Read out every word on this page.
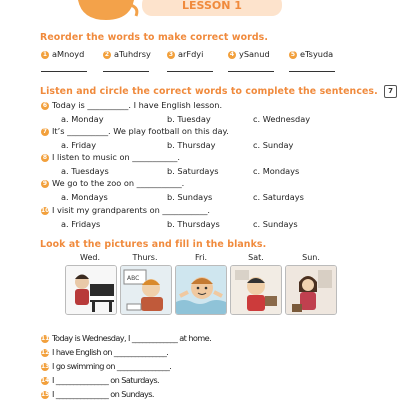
LESSON 1
Reorder the words to make correct words.
1 aMnoyd	2 aTuhdrsy	3 arFdyi	4 ySanud	5 eTsyuda
Listen and circle the correct words to complete the sentences. 7
6 Today is __________. I have English lesson.
a. Monday	b. Tuesday	c. Wednesday
7 It’s __________. We play football on this day.
a. Friday	b. Thursday	c. Sunday
8 I listen to music on ___________.
a. Tuesdays	b. Saturdays	c. Mondays
9 We go to the zoo on ___________.
a. Mondays	b. Sundays	c. Saturdays
10 I visit my grandparents on ___________.
a. Fridays	b. Thursdays	c. Sundays
Look at the pictures and fill in the blanks.
Wed.	Thurs.	Fri.	Sat.	Sun.
ABC
11 Today is Wednesday, I _____________ at home.
12 I have English on _______________.
13 I go swimming on _______________.
14 I _______________ on Saturdays.
15 I _______________ on Sundays.
